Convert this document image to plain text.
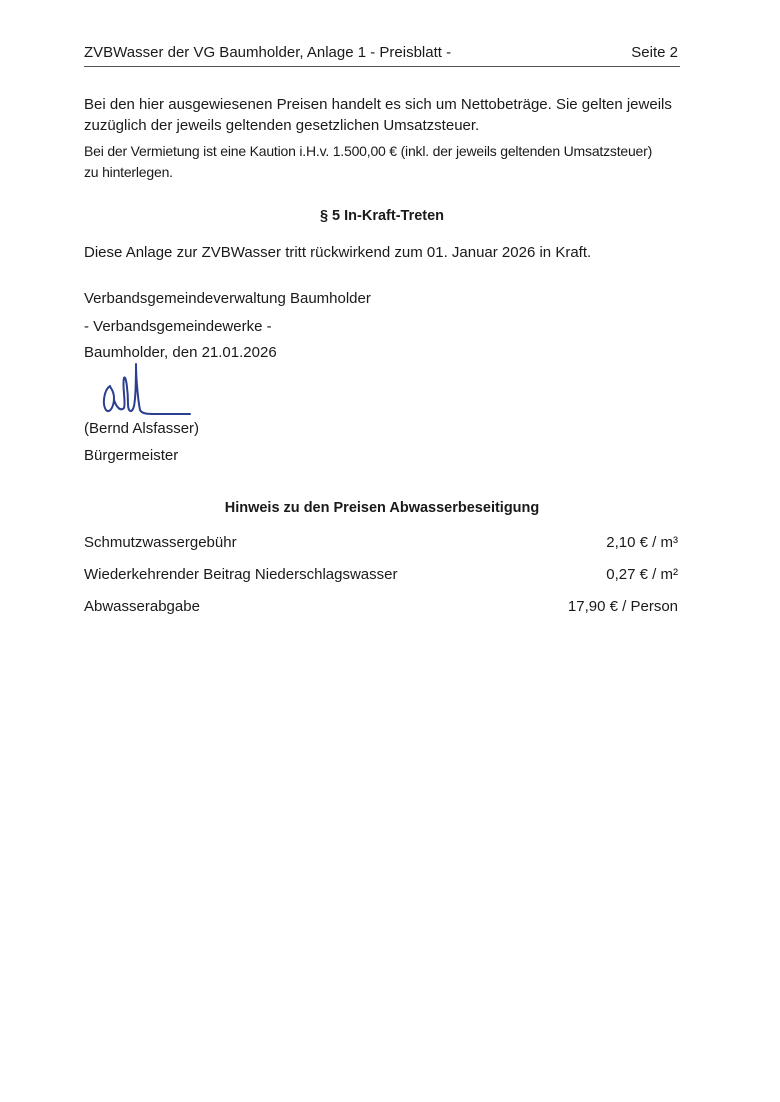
ZVBWasser der VG Baumholder, Anlage 1 - Preisblatt -	Seite 2
Bei den hier ausgewiesenen Preisen handelt es sich um Nettobeträge. Sie gelten jeweils
zuzüglich der jeweils geltenden gesetzlichen Umsatzsteuer.
Bei der Vermietung ist eine Kaution i.H.v. 1.500,00 € (inkl. der jeweils geltenden Umsatzsteuer)
zu hinterlegen.
§ 5 In-Kraft-Treten
Diese Anlage zur ZVBWasser tritt rückwirkend zum 01. Januar 2026 in Kraft.
Verbandsgemeindeverwaltung Baumholder
- Verbandsgemeindewerke -
Baumholder, den 21.01.2026
(Bernd Alsfasser)
Bürgermeister
Hinweis zu den Preisen Abwasserbeseitigung
Schmutzwassergebühr	2,10 € / m³
Wiederkehrender Beitrag Niederschlagswasser	0,27 € / m²
Abwasserabgabe	17,90 € / Person
